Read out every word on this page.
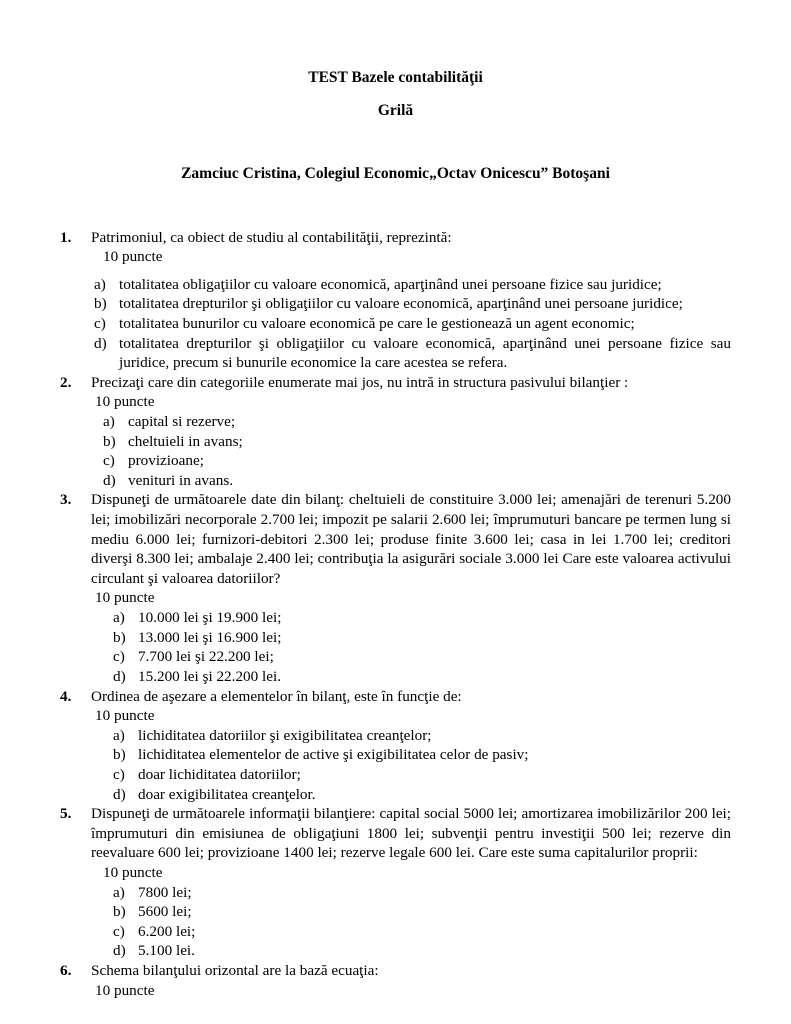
TEST Bazele contabilităţii
Grilă

Zamciuc Cristina, Colegiul Economic„Octav Onicescu” Botoşani

1.	Patrimoniul, ca obiect de studiu al contabilităţii, reprezintă:

10 puncte

a) totalitatea obligaţiilor cu valoare economică, aparţinând unei persoane fizice sau juridice;
b) totalitatea drepturilor şi obligaţiilor cu valoare economică, aparţinând unei persoane juridice;
c) totalitatea bunurilor cu valoare economică pe care le gestionează un agent economic;
d) totalitatea drepturilor şi obligaţiilor cu valoare economică, aparţinând unei persoane fizice sau juridice, precum si bunurile economice la care acestea se refera.

2.	Precizaţi care din categoriile enumerate mai jos, nu intră in structura pasivului bilanţier :

10 puncte

a) capital si rezerve;
b) cheltuieli in avans;
c) provizioane;
d) venituri in avans.

3.	Dispuneţi de următoarele date din bilanţ: cheltuieli de constituire 3.000 lei; amenajări de terenuri 5.200 lei; imobilizări necorporale 2.700 lei; impozit pe salarii 2.600 lei; împrumuturi bancare pe termen lung si mediu 6.000 lei; furnizori-debitori 2.300 lei; produse finite 3.600 lei; casa in lei 1.700 lei; creditori diverşi 8.300 lei; ambalaje 2.400 lei; contribuţia la asigurări sociale 3.000 lei Care este valoarea activului circulant şi valoarea datoriilor?

10 puncte

a) 10.000 lei şi 19.900 lei;
b) 13.000 lei şi 16.900 lei;
c) 7.700 lei şi 22.200 lei;
d) 15.200 lei şi 22.200 lei.

4.	Ordinea de aşezare a elementelor în bilanţ, este în funcţie de:

10 puncte

a) lichiditatea datoriilor şi exigibilitatea creanţelor;
b) lichiditatea elementelor de active şi exigibilitatea celor de pasiv;
c) doar lichiditatea datoriilor;
d) doar exigibilitatea creanţelor.

5.	Dispuneţi de următoarele informaţii bilanţiere: capital social 5000 lei; amortizarea imobilizărilor 200 lei; împrumuturi din emisiunea de obligaţiuni 1800 lei; subvenţii pentru investiţii 500 lei; rezerve din reevaluare 600 lei; provizioane 1400 lei; rezerve legale 600 lei. Care este suma capitalurilor proprii:

10 puncte

a) 7800 lei;
b) 5600 lei;
c) 6.200 lei;
d) 5.100 lei.

6.	Schema bilanţului orizontal are la bază ecuaţia:

10 puncte
